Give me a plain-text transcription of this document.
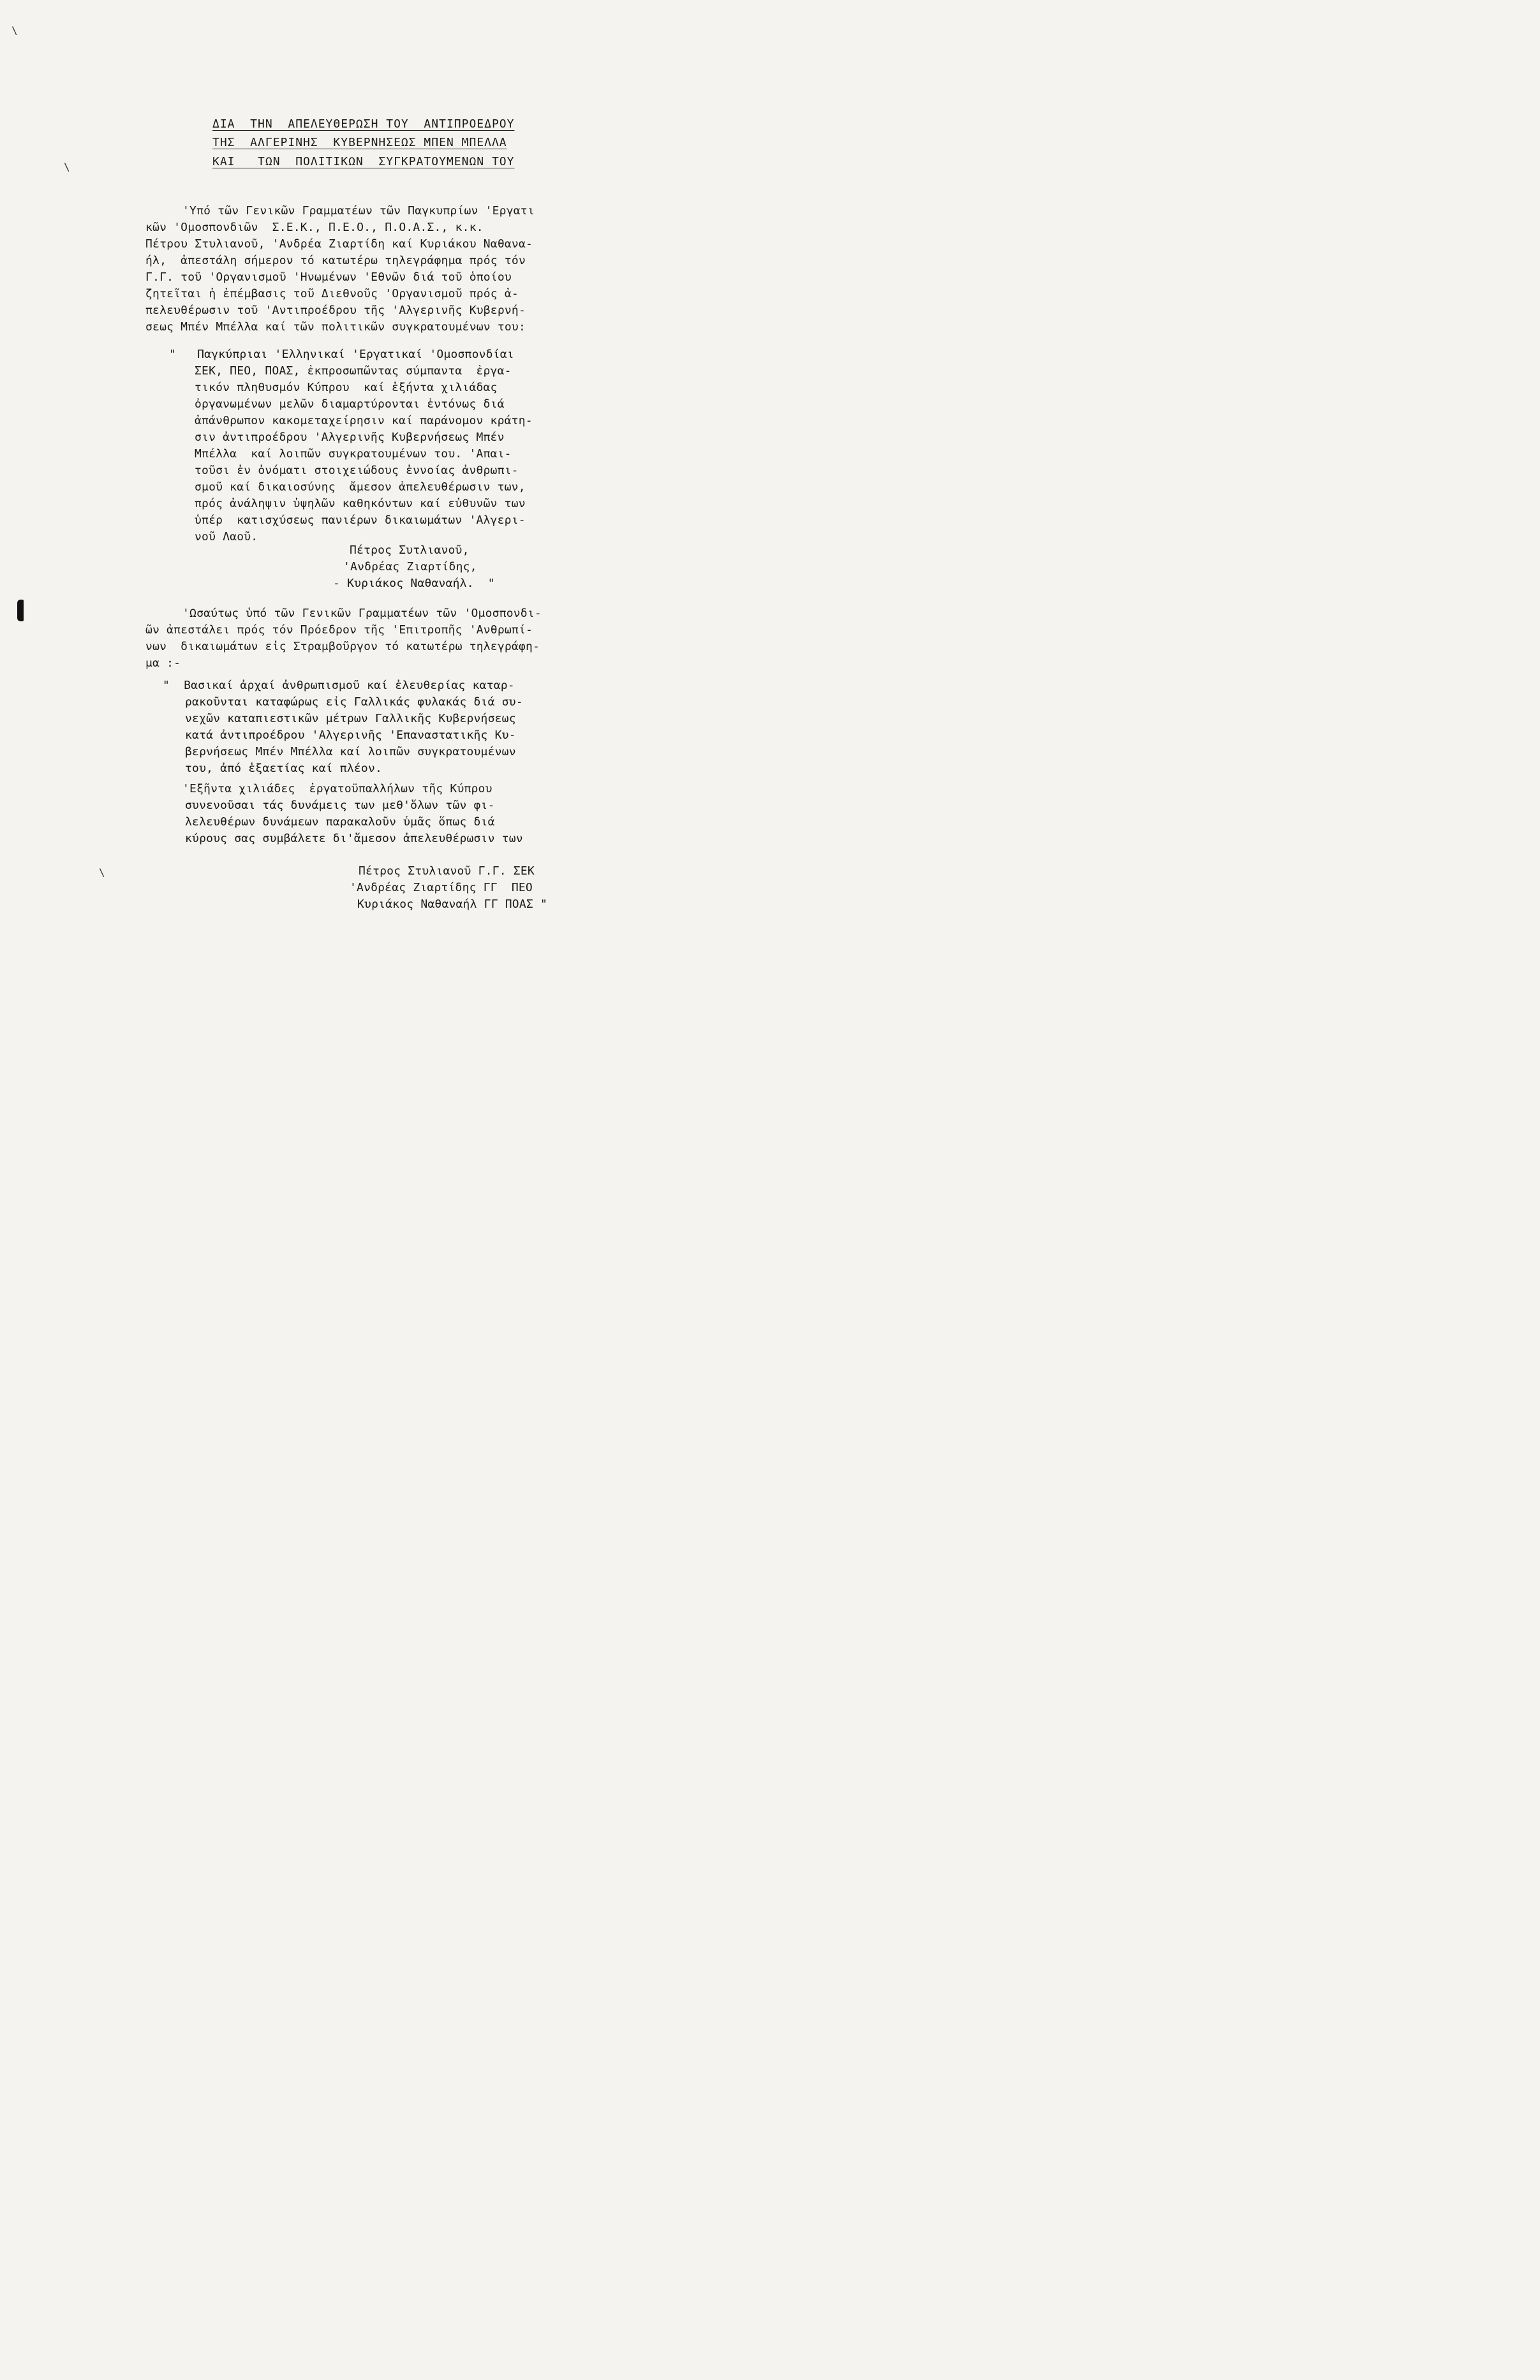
\
\
\
ΔΙΑ  ΤΗΝ  ΑΠΕΛΕΥΘΕΡΩΣΗ ΤΟΥ  ΑΝΤΙΠΡΟΕΔΡΟΥ
ΤΗΣ  ΑΛΓΕΡΙΝΗΣ  ΚΥΒΕΡΝΗΣΕΩΣ ΜΠΕΝ ΜΠΕΛΛΑ
ΚΑΙ   ΤΩΝ  ΠΟΛΙΤΙΚΩΝ  ΣΥΓΚΡΑΤΟΥΜΕΝΩΝ ΤΟΥ
'Υπό τῶν Γενικῶν Γραμματέων τῶν Παγκυπρίων 'Εργατι
κῶν 'Ομοσπονδιῶν  Σ.Ε.Κ., Π.Ε.Ο., Π.Ο.Α.Σ., κ.κ.
Πέτρου Στυλιανοῦ, 'Ανδρέα Ζιαρτίδη καί Κυριάκου Ναθανα-
ήλ,  ἀπεστάλη σήμερον τό κατωτέρω τηλεγράφημα πρός τόν
Γ.Γ. τοῦ 'Οργανισμοῦ 'Ηνωμένων 'Εθνῶν διά τοῦ ὁποίου
ζητεῖται ἡ ἐπέμβασις τοῦ Διεθνοῦς 'Οργανισμοῦ πρός ἀ-
πελευθέρωσιν τοῦ 'Αντιπροέδρου τῆς 'Αλγερινῆς Κυβερνή-
σεως Μπέν Μπέλλα καί τῶν πολιτικῶν συγκρατουμένων του:
"   Παγκύπριαι 'Ελληνικαί 'Εργατικαί 'Ομοσπονδίαι
ΣΕΚ, ΠΕΟ, ΠΟΑΣ, ἐκπροσωπῶντας σύμπαντα  ἐργα-
τικόν πληθυσμόν Κύπρου  καί ἑξήντα χιλιάδας
ὀργανωμένων μελῶν διαμαρτύρονται ἐντόνως διά
ἀπάνθρωπον κακομεταχείρησιν καί παράνομον κράτη-
σιν ἀντιπροέδρου 'Αλγερινῆς Κυβερνήσεως Μπέν
Μπέλλα  καί λοιπῶν συγκρατουμένων του. 'Απαι-
τοῦσι ἐν ὀνόματι στοιχειώδους ἐννοίας ἀνθρωπι-
σμοῦ καί δικαιοσύνης  ἄμεσον ἀπελευθέρωσιν των,
πρός ἀνάληψιν ὑψηλῶν καθηκόντων καί εὐθυνῶν των
ὑπέρ  κατισχύσεως πανιέρων δικαιωμάτων 'Αλγερι-
νοῦ Λαοῦ.
Πέτρος Συτλιανοῦ,
'Ανδρέας Ζιαρτίδης,
- Κυριάκος Ναθαναήλ.  "
'Ωσαύτως ὑπό τῶν Γενικῶν Γραμματέων τῶν 'Ομοσπονδι-
ῶν ἀπεστάλει πρός τόν Πρόεδρον τῆς 'Επιτροπῆς 'Ανθρωπί-
νων  δικαιωμάτων εἰς Στραμβοῦργον τό κατωτέρω τηλεγράφη-
μα :-
"  Βασικαί ἀρχαί ἀνθρωπισμοῦ καί ἐλευθερίας καταρ-
ρακοῦνται καταφώρως εἰς Γαλλικάς φυλακάς διά συ-
νεχῶν καταπιεστικῶν μέτρων Γαλλικῆς Κυβερνήσεως
κατά ἀντιπροέδρου 'Αλγερινῆς 'Επαναστατικῆς Κυ-
βερνήσεως Μπέν Μπέλλα καί λοιπῶν συγκρατουμένων
του, ἀπό ἑξαετίας καί πλέον.
'Εξῆντα χιλιάδες  ἐργατοϋπαλλήλων τῆς Κύπρου
συνενοῦσαι τάς δυνάμεις των μεθ'ὅλων τῶν φι-
λελευθέρων δυνάμεων παρακαλοῦν ὑμᾶς ὅπως διά
κύρους σας συμβάλετε δι'ἄμεσον ἀπελευθέρωσιν των
Πέτρος Στυλιανοῦ Γ.Γ. ΣΕΚ
'Ανδρέας Ζιαρτίδης ΓΓ  ΠΕΟ
Κυριάκος Ναθαναήλ ΓΓ ΠΟΑΣ "
